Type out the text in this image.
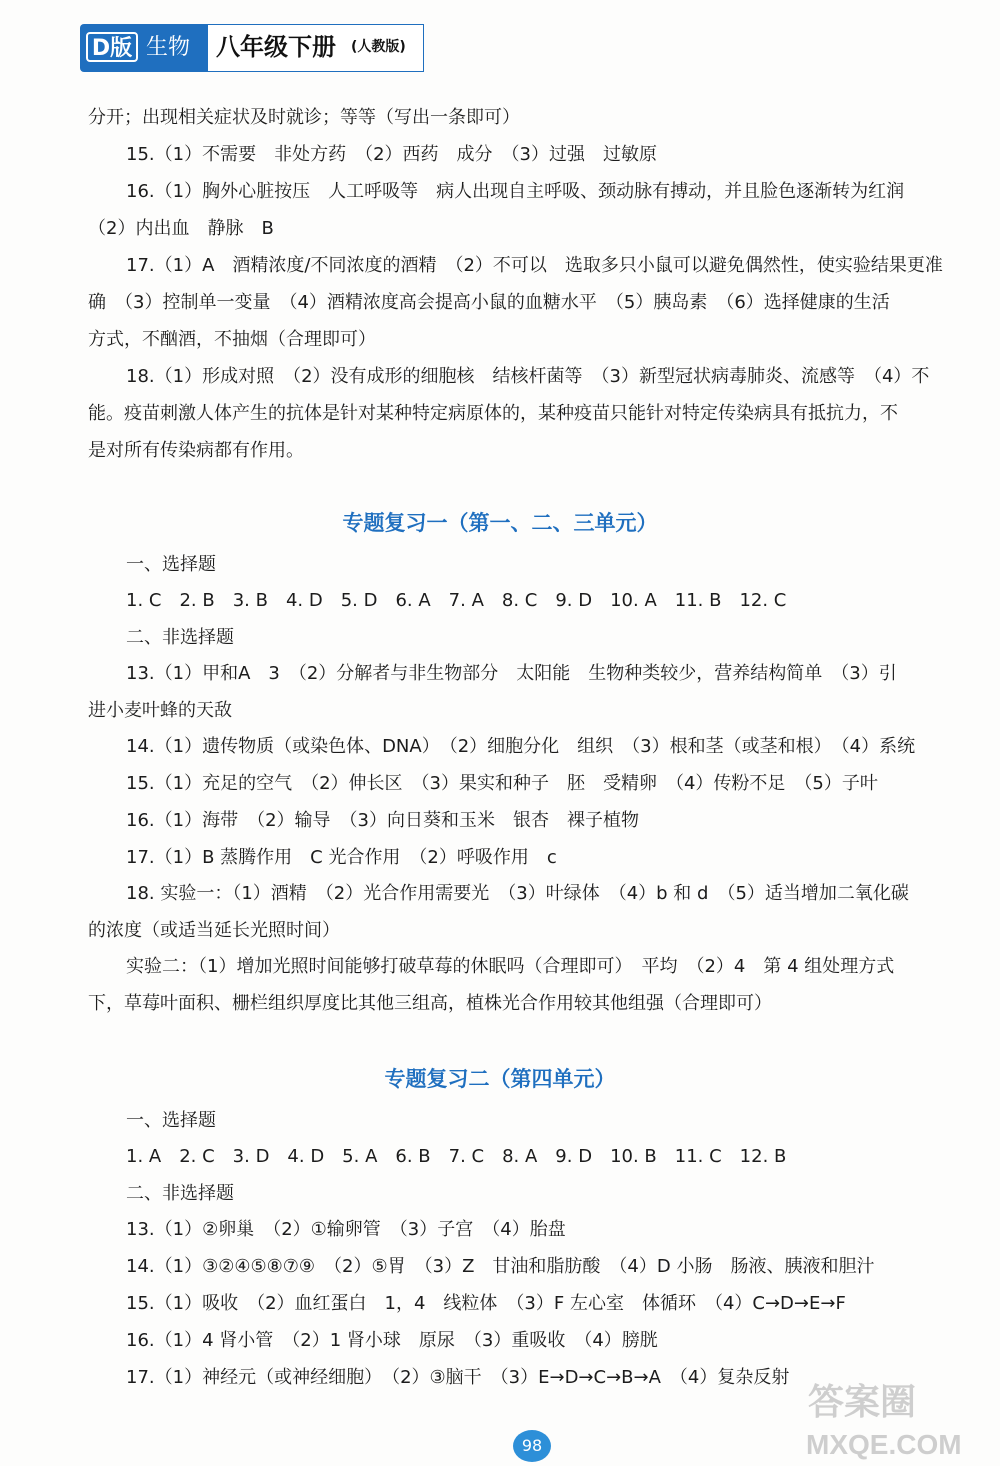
D版 生物 八年级下册 (人教版)
分开；出现相关症状及时就诊；等等（写出一条即可）
15.（1）不需要　非处方药　（2）西药　成分　（3）过强　过敏原
16.（1）胸外心脏按压　人工呼吸等　病人出现自主呼吸、颈动脉有搏动，并且脸色逐渐转为红润
（2）内出血　静脉　B
17.（1）A　酒精浓度/不同浓度的酒精　（2）不可以　选取多只小鼠可以避免偶然性，使实验结果更准
确　（3）控制单一变量　（4）酒精浓度高会提高小鼠的血糖水平　（5）胰岛素　（6）选择健康的生活
方式，不酗酒，不抽烟（合理即可）
18.（1）形成对照　（2）没有成形的细胞核　结核杆菌等　（3）新型冠状病毒肺炎、流感等　（4）不
能。疫苗刺激人体产生的抗体是针对某种特定病原体的，某种疫苗只能针对特定传染病具有抵抗力，不
是对所有传染病都有作用。
专题复习一（第一、二、三单元）
一、选择题
1. C　2. B　3. B　4. D　5. D　6. A　7. A　8. C　9. D　10. A　11. B　12. C
二、非选择题
13.（1）甲和A　3　（2）分解者与非生物部分　太阳能　生物种类较少，营养结构简单　（3）引
进小麦叶蜂的天敌
14.（1）遗传物质（或染色体、DNA）　（2）细胞分化　组织　（3）根和茎（或茎和根）　（4）系统
15.（1）充足的空气　（2）伸长区　（3）果实和种子　胚　受精卵　（4）传粉不足　（5）子叶
16.（1）海带　（2）输导　（3）向日葵和玉米　银杏　裸子植物
17.（1）B 蒸腾作用　C 光合作用　（2）呼吸作用　c
18. 实验一：（1）酒精　（2）光合作用需要光　（3）叶绿体　（4）b 和 d　（5）适当增加二氧化碳
的浓度（或适当延长光照时间）
实验二：（1）增加光照时间能够打破草莓的休眠吗（合理即可）　平均　（2）4　第 4 组处理方式
下，草莓叶面积、栅栏组织厚度比其他三组高，植株光合作用较其他组强（合理即可）
专题复习二（第四单元）
一、选择题
1. A　2. C　3. D　4. D　5. A　6. B　7. C　8. A　9. D　10. B　11. C　12. B
二、非选择题
13.（1）②卵巢　（2）①输卵管　（3）子宫　（4）胎盘
14.（1）③②④⑤⑧⑦⑨　（2）⑤胃　（3）Z　甘油和脂肪酸　（4）D 小肠　肠液、胰液和胆汁
15.（1）吸收　（2）血红蛋白　1，4　线粒体　（3）F 左心室　体循环　（4）C→D→E→F
16.（1）4 肾小管　（2）1 肾小球　原尿　（3）重吸收　（4）膀胱
17.（1）神经元（或神经细胞）　（2）③脑干　（3）E→D→C→B→A　（4）复杂反射
98
答案圈
MXQE.COM
